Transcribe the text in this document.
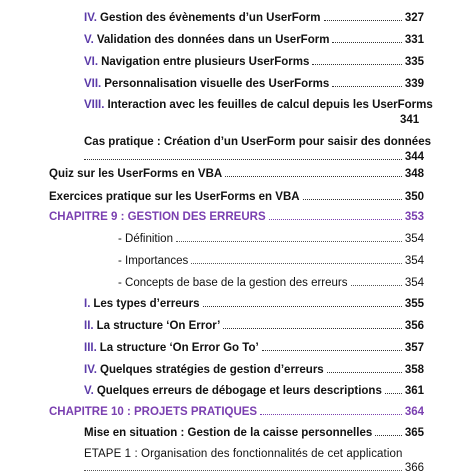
IV. Gestion des évènements d’un UserForm	327
V. Validation des données dans un UserForm	331
VI. Navigation entre plusieurs UserForms	335
VII. Personnalisation visuelle des UserForms	339
VIII. Interaction avec les feuilles de calcul depuis les UserForms
341
Cas pratique : Création d’un UserForm pour saisir des données
344
Quiz sur les UserForms en VBA	348
Exercices pratique sur les UserForms en VBA	350
CHAPITRE 9 : GESTION DES ERREURS	353
- Définition	354
- Importances	354
- Concepts de base de la gestion des erreurs	354
I. Les types d’erreurs	355
II. La structure ‘On Error’	356
III. La structure ‘On Error Go To’	357
IV. Quelques stratégies de gestion d’erreurs	358
V. Quelques erreurs de débogage et leurs descriptions 361
CHAPITRE 10 : PROJETS PRATIQUES	364
Mise en situation : Gestion de la caisse personnelles	365
ETAPE 1 : Organisation des fonctionnalités de cet application
366
